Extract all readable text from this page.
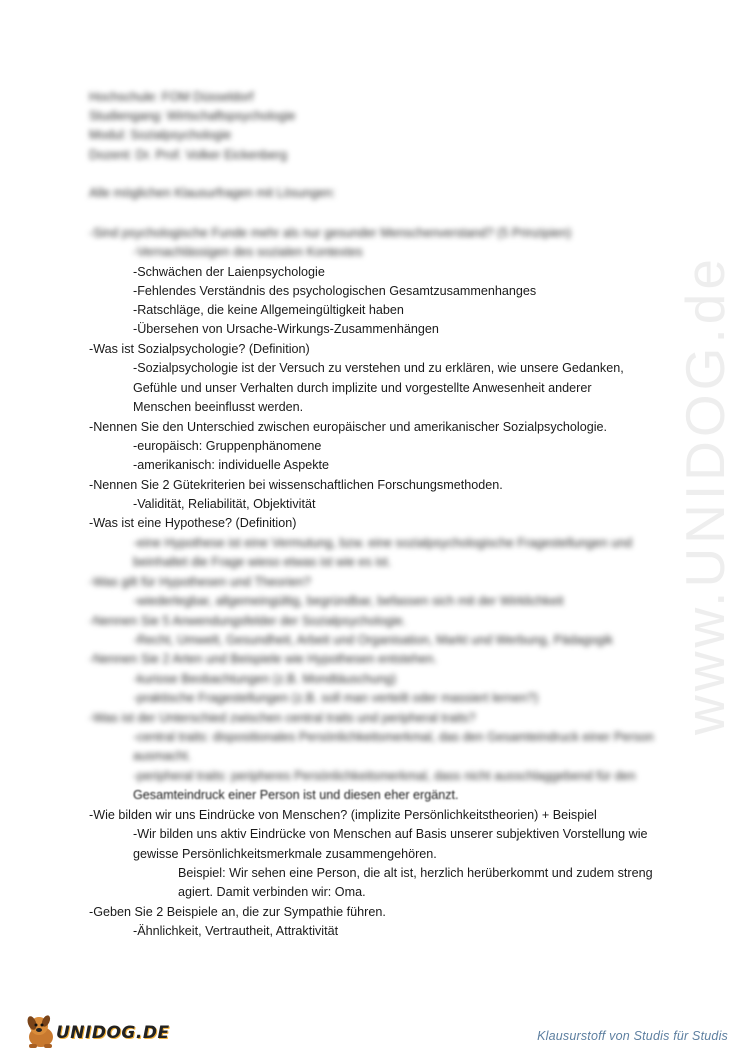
www.UNIDOG.de
Hochschule: FOM Düsseldorf
Studiengang: Wirtschaftspsychologie
Modul: Sozialpsychologie
Dozent: Dr. Prof. Volker Eickenberg
Alle möglichen Klausurfragen mit Lösungen:
-Sind psychologische Funde mehr als nur gesunder Menschenverstand? (5 Prinzipien)
-Vernachlässigen des sozialen Kontextes
-Schwächen der Laienpsychologie
-Fehlendes Verständnis des psychologischen Gesamtzusammenhanges
-Ratschläge, die keine Allgemeingültigkeit haben
-Übersehen von Ursache-Wirkungs-Zusammenhängen
-Was ist Sozialpsychologie? (Definition)
-Sozialpsychologie ist der Versuch zu verstehen und zu erklären, wie unsere Gedanken,
Gefühle und unser Verhalten durch implizite und vorgestellte Anwesenheit anderer
Menschen beeinflusst werden.
-Nennen Sie den Unterschied zwischen europäischer und amerikanischer Sozialpsychologie.
-europäisch: Gruppenphänomene
-amerikanisch: individuelle Aspekte
-Nennen Sie 2 Gütekriterien bei wissenschaftlichen Forschungsmethoden.
-Validität, Reliabilität, Objektivität
-Was ist eine Hypothese? (Definition)
-eine Hypothese ist eine Vermutung, bzw. eine sozialpsychologische Fragestellungen und
beinhaltet die Frage wieso etwas ist wie es ist.
-Was gilt für Hypothesen und Theorien?
-wiederlegbar, allgemeingültig, begründbar, befassen sich mit der Wirklichkeit
-Nennen Sie 5 Anwendungsfelder der Sozialpsychologie.
-Recht, Umwelt, Gesundheit, Arbeit und Organisation, Markt und Werbung, Pädagogik
-Nennen Sie 2 Arten und Beispiele wie Hypothesen entstehen.
-kuriose Beobachtungen (z.B. Mondtäuschung)
-praktische Fragestellungen (z.B. soll man verteilt oder massiert lernen?)
-Was ist der Unterschied zwischen central traits und peripheral traits?
-central traits: dispositionales Persönlichkeitsmerkmal, das den Gesamteindruck einer Person
ausmacht.
-peripheral traits: peripheres Persönlichkeitsmerkmal, dass nicht ausschlaggebend für den
Gesamteindruck einer Person ist und diesen eher ergänzt.
-Wie bilden wir uns Eindrücke von Menschen? (implizite Persönlichkeitstheorien) + Beispiel
-Wir bilden uns aktiv Eindrücke von Menschen auf Basis unserer subjektiven Vorstellung wie
gewisse Persönlichkeitsmerkmale zusammengehören.
Beispiel: Wir sehen eine Person, die alt ist, herzlich herüberkommt und zudem streng
agiert. Damit verbinden wir: Oma.
-Geben Sie 2 Beispiele an, die zur Sympathie führen.
-Ähnlichkeit, Vertrautheit, Attraktivität
UNIDOG.DE	Klausurstoff von Studis für Studis
